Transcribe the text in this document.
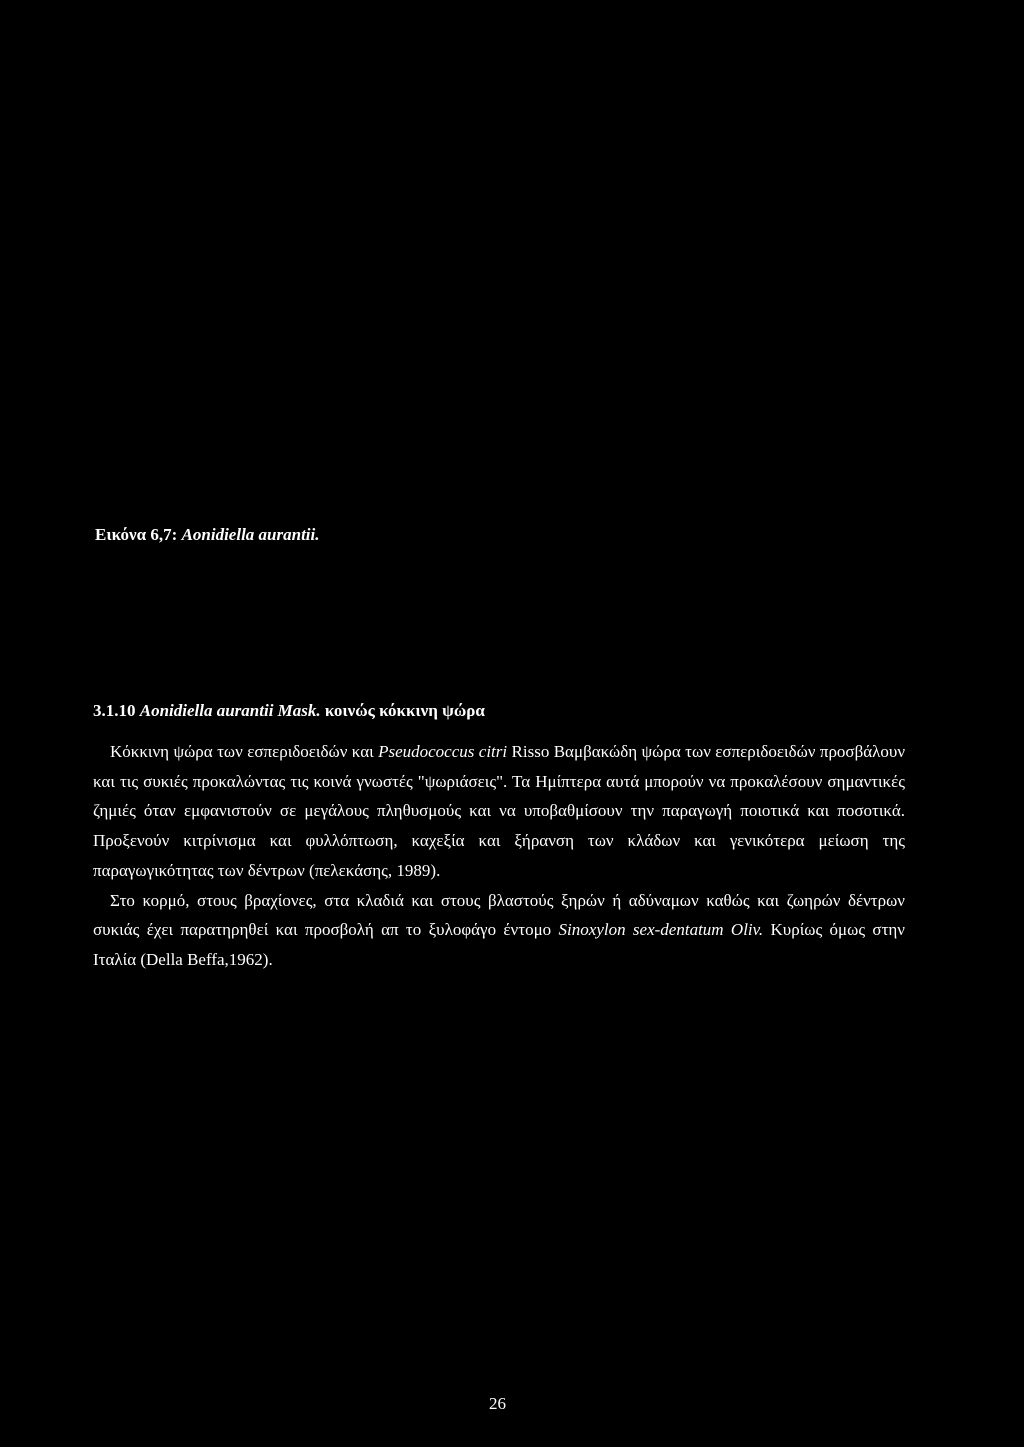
Εικόνα 6,7: Aonidiella aurantii.
3.1.10 Aonidiella aurantii Mask. κοινώς κόκκινη ψώρα

Κόκκινη ψώρα των εσπεριδοειδών και Pseudococcus citri Risso Βαμβακώδη ψώρα των εσπεριδοειδών προσβάλουν και τις συκιές προκαλώντας τις κοινά γνωστές "ψωριάσεις". Τα Ημίπτερα αυτά μπορούν να προκαλέσουν σημαντικές ζημιές όταν εμφανιστούν σε μεγάλους πληθυσμούς και να υποβαθμίσουν την παραγωγή ποιοτικά και ποσοτικά. Προξενούν κιτρίνισμα και φυλλόπτωση, καχεξία και ξήρανση των κλάδων και γενικότερα μείωση της παραγωγικότητας των δέντρων (πελεκάσης, 1989).

Στο κορμό, στους βραχίονες, στα κλαδιά και στους βλαστούς ξηρών ή αδύναμων καθώς και ζωηρών δέντρων συκιάς έχει παρατηρηθεί και προσβολή απ το ξυλοφάγο έντομο Sinoxylon sex-dentatum Oliv. Κυρίως όμως στην Ιταλία (Della Beffa,1962).

26
